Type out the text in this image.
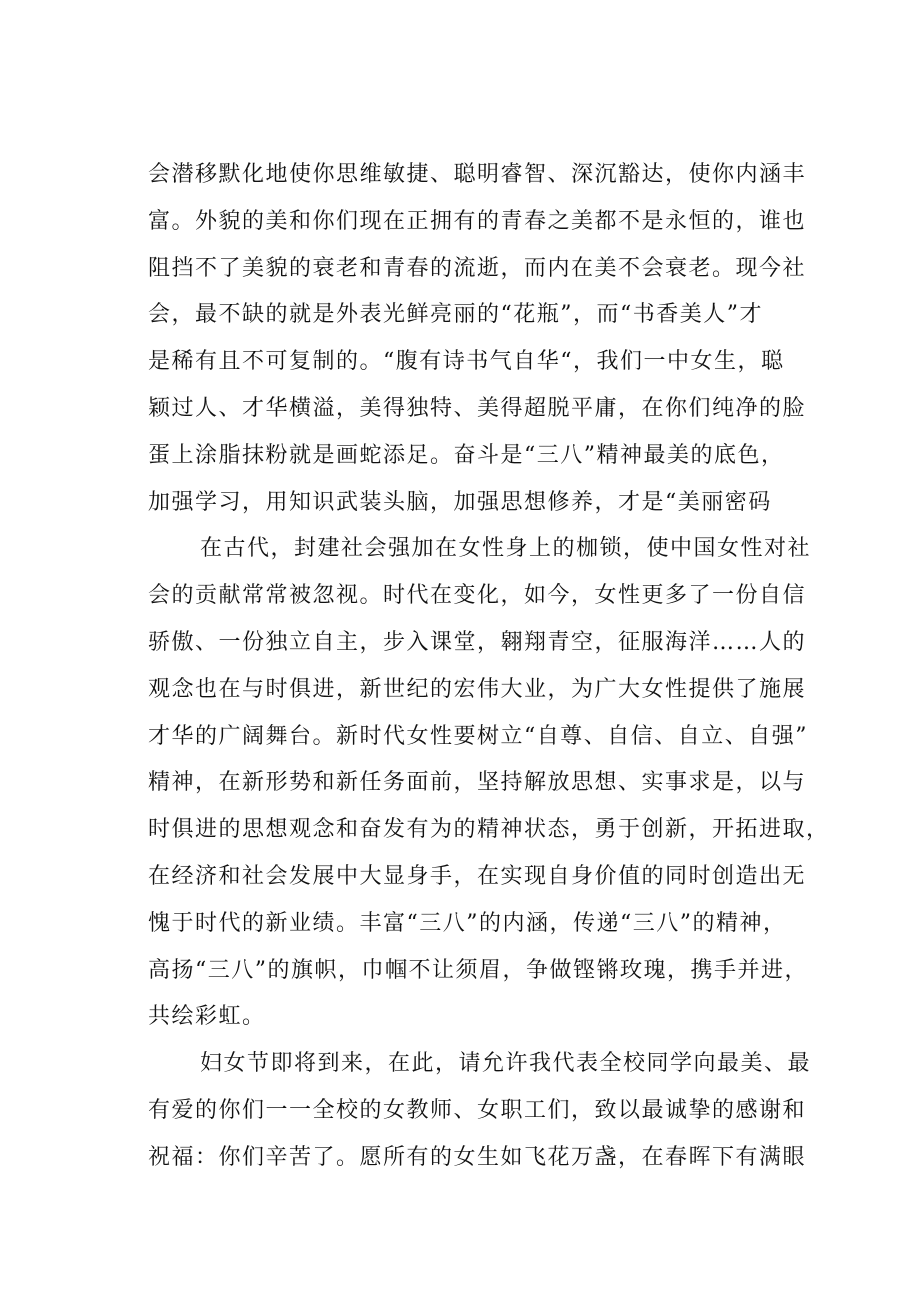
会潜移默化地使你思维敏捷、聪明睿智、深沉豁达，使你内涵丰
富。外貌的美和你们现在正拥有的青春之美都不是永恒的，谁也
阻挡不了美貌的衰老和青春的流逝，而内在美不会衰老。现今社
会，最不缺的就是外表光鲜亮丽的“花瓶”，而“书香美人”才
是稀有且不可复制的。“腹有诗书气自华“，我们一中女生，聪
颖过人、才华横溢，美得独特、美得超脱平庸，在你们纯净的脸
蛋上涂脂抹粉就是画蛇添足。奋斗是“三八”精神最美的底色，
加强学习，用知识武装头脑，加强思想修养，才是“美丽密码
在古代，封建社会强加在女性身上的枷锁，使中国女性对社
会的贡献常常被忽视。时代在变化，如今，女性更多了一份自信
骄傲、一份独立自主，步入课堂，翱翔青空，征服海洋……人的
观念也在与时俱进，新世纪的宏伟大业，为广大女性提供了施展
才华的广阔舞台。新时代女性要树立“自尊、自信、自立、自强”
精神，在新形势和新任务面前，坚持解放思想、实事求是，以与
时俱进的思想观念和奋发有为的精神状态，勇于创新，开拓进取，
在经济和社会发展中大显身手，在实现自身价值的同时创造出无
愧于时代的新业绩。丰富“三八”的内涵，传递“三八”的精神，
高扬“三八”的旗帜，巾帼不让须眉，争做铿锵玫瑰，携手并进，
共绘彩虹。
妇女节即将到来，在此，请允许我代表全校同学向最美、最
有爱的你们一一全校的女教师、女职工们，致以最诚挚的感谢和
祝福：你们辛苦了。愿所有的女生如飞花万盏，在春晖下有满眼
